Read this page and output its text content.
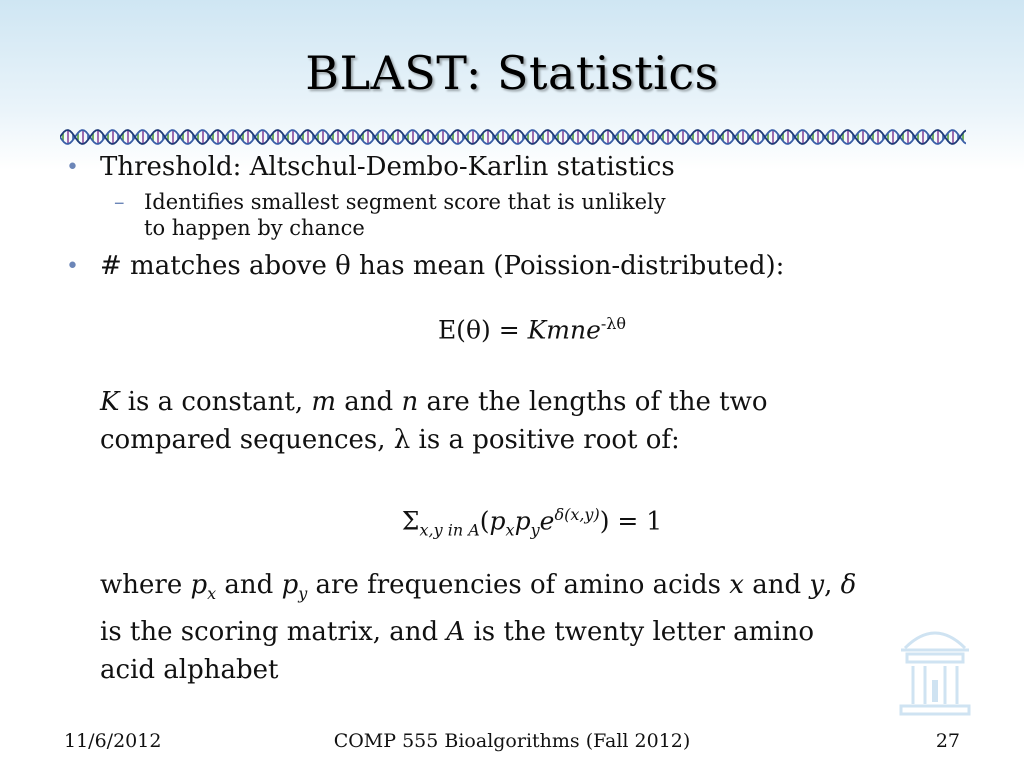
BLAST: Statistics
• Threshold: Altschul-Dembo-Karlin statistics
– Identifies smallest segment score that is unlikely
to happen by chance
• # matches above θ has mean (Poission-distributed):
E(θ) = Kmne$^{-\lambda\theta}$
K is a constant, m and n are the lengths of the two
compared sequences, λ is a positive root of:
$\Sigma_{x,y in A}(p_xp_ye^{\delta(x,y)}) = 1$
where $p_x$ and $p_y$ are frequencies of amino acids x and y, δ
is the scoring matrix, and A is the twenty letter amino
acid alphabet
11/6/2012	COMP 555 Bioalgorithms (Fall 2012)	27
